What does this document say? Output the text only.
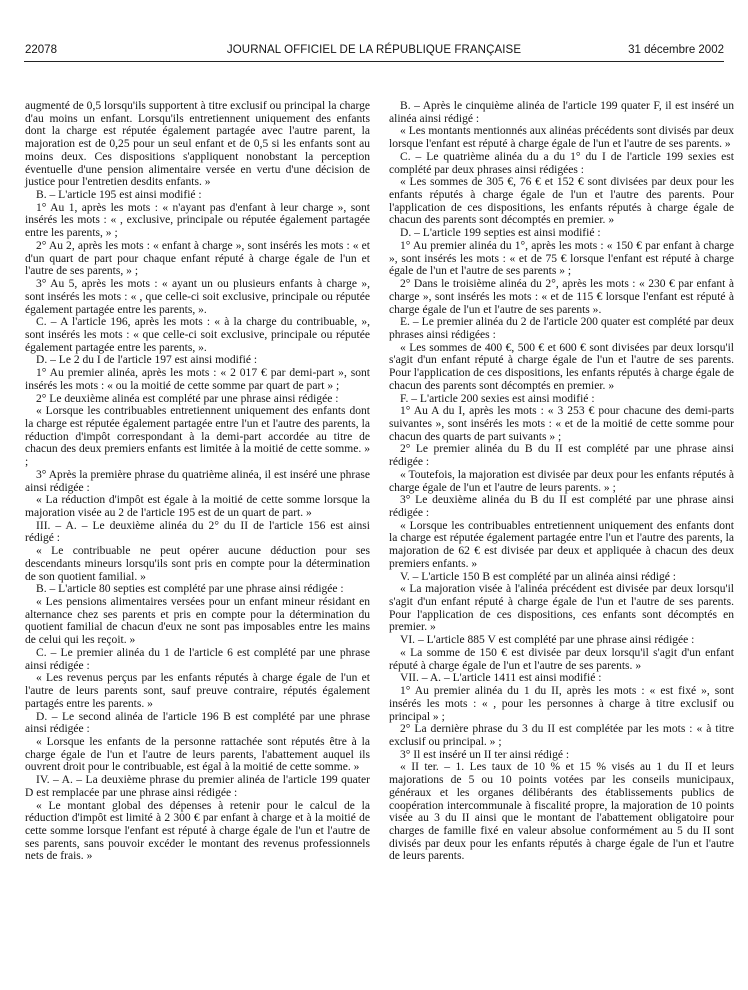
22078	JOURNAL OFFICIEL DE LA RÉPUBLIQUE FRANÇAISE	31 décembre 2002

augmenté de 0,5 lorsqu'ils supportent à titre exclusif ou principal la charge d'au moins un enfant. Lorsqu'ils entretiennent uniquement des enfants dont la charge est réputée également partagée avec l'autre parent, la majoration est de 0,25 pour un seul enfant et de 0,5 si les enfants sont au moins deux. Ces dispositions s'appliquent nonobstant la perception éventuelle d'une pension alimentaire versée en vertu d'une décision de justice pour l'entretien desdits enfants. »

B. – L'article 195 est ainsi modifié :

1° Au 1, après les mots : « n'ayant pas d'enfant à leur charge », sont insérés les mots : « , exclusive, principale ou réputée également partagée entre les parents, » ;

2° Au 2, après les mots : « enfant à charge », sont insérés les mots : « et d'un quart de part pour chaque enfant réputé à charge égale de l'un et l'autre de ses parents, » ;

3° Au 5, après les mots : « ayant un ou plusieurs enfants à charge », sont insérés les mots : « , que celle-ci soit exclusive, principale ou réputée également partagée entre les parents, ».

C. – A l'article 196, après les mots : « à la charge du contribuable, », sont insérés les mots : « que celle-ci soit exclusive, principale ou réputée également partagée entre les parents, ».

D. – Le 2 du I de l'article 197 est ainsi modifié :

1° Au premier alinéa, après les mots : « 2 017 € par demi-part », sont insérés les mots : « ou la moitié de cette somme par quart de part » ;

2° Le deuxième alinéa est complété par une phrase ainsi rédigée :

« Lorsque les contribuables entretiennent uniquement des enfants dont la charge est réputée également partagée entre l'un et l'autre des parents, la réduction d'impôt correspondant à la demi-part accordée au titre de chacun des deux premiers enfants est limitée à la moitié de cette somme. » ;

3° Après la première phrase du quatrième alinéa, il est inséré une phrase ainsi rédigée :

« La réduction d'impôt est égale à la moitié de cette somme lorsque la majoration visée au 2 de l'article 195 est de un quart de part. »

III. – A. – Le deuxième alinéa du 2° du II de l'article 156 est ainsi rédigé :

« Le contribuable ne peut opérer aucune déduction pour ses descendants mineurs lorsqu'ils sont pris en compte pour la détermination de son quotient familial. »

B. – L'article 80 septies est complété par une phrase ainsi rédigée :

« Les pensions alimentaires versées pour un enfant mineur résidant en alternance chez ses parents et pris en compte pour la détermination du quotient familial de chacun d'eux ne sont pas imposables entre les mains de celui qui les reçoit. »

C. – Le premier alinéa du 1 de l'article 6 est complété par une phrase ainsi rédigée :

« Les revenus perçus par les enfants réputés à charge égale de l'un et l'autre de leurs parents sont, sauf preuve contraire, réputés également partagés entre les parents. »

D. – Le second alinéa de l'article 196 B est complété par une phrase ainsi rédigée :

« Lorsque les enfants de la personne rattachée sont réputés être à la charge égale de l'un et l'autre de leurs parents, l'abattement auquel ils ouvrent droit pour le contribuable, est égal à la moitié de cette somme. »

IV. – A. – La deuxième phrase du premier alinéa de l'article 199 quater D est remplacée par une phrase ainsi rédigée :

« Le montant global des dépenses à retenir pour le calcul de la réduction d'impôt est limité à 2 300 € par enfant à charge et à la moitié de cette somme lorsque l'enfant est réputé à charge égale de l'un et l'autre de ses parents, sans pouvoir excéder le montant des revenus professionnels nets de frais. »

B. – Après le cinquième alinéa de l'article 199 quater F, il est inséré un alinéa ainsi rédigé :

« Les montants mentionnés aux alinéas précédents sont divisés par deux lorsque l'enfant est réputé à charge égale de l'un et l'autre de ses parents. »

C. – Le quatrième alinéa du a du 1° du I de l'article 199 sexies est complété par deux phrases ainsi rédigées :

« Les sommes de 305 €, 76 € et 152 € sont divisées par deux pour les enfants réputés à charge égale de l'un et l'autre des parents. Pour l'application de ces dispositions, les enfants réputés à charge égale de chacun des parents sont décomptés en premier. »

D. – L'article 199 septies est ainsi modifié :

1° Au premier alinéa du 1°, après les mots : « 150 € par enfant à charge », sont insérés les mots : « et de 75 € lorsque l'enfant est réputé à charge égale de l'un et l'autre de ses parents » ;

2° Dans le troisième alinéa du 2°, après les mots : « 230 € par enfant à charge », sont insérés les mots : « et de 115 € lorsque l'enfant est réputé à charge égale de l'un et l'autre de ses parents ».

E. – Le premier alinéa du 2 de l'article 200 quater est complété par deux phrases ainsi rédigées :

« Les sommes de 400 €, 500 € et 600 € sont divisées par deux lorsqu'il s'agit d'un enfant réputé à charge égale de l'un et l'autre de ses parents. Pour l'application de ces dispositions, les enfants réputés à charge égale de chacun des parents sont décomptés en premier. »

F. – L'article 200 sexies est ainsi modifié :

1° Au A du I, après les mots : « 3 253 € pour chacune des demi-parts suivantes », sont insérés les mots : « et de la moitié de cette somme pour chacun des quarts de part suivants » ;

2° Le premier alinéa du B du II est complété par une phrase ainsi rédigée :

« Toutefois, la majoration est divisée par deux pour les enfants réputés à charge égale de l'un et l'autre de leurs parents. » ;

3° Le deuxième alinéa du B du II est complété par une phrase ainsi rédigée :

« Lorsque les contribuables entretiennent uniquement des enfants dont la charge est réputée également partagée entre l'un et l'autre des parents, la majoration de 62 € est divisée par deux et appliquée à chacun des deux premiers enfants. »

V. – L'article 150 B est complété par un alinéa ainsi rédigé :

« La majoration visée à l'alinéa précédent est divisée par deux lorsqu'il s'agit d'un enfant réputé à charge égale de l'un et l'autre de ses parents. Pour l'application de ces dispositions, ces enfants sont décomptés en premier. »

VI. – L'article 885 V est complété par une phrase ainsi rédigée :

« La somme de 150 € est divisée par deux lorsqu'il s'agit d'un enfant réputé à charge égale de l'un et l'autre de ses parents. »

VII. – A. – L'article 1411 est ainsi modifié :

1° Au premier alinéa du 1 du II, après les mots : « est fixé », sont insérés les mots : « , pour les personnes à charge à titre exclusif ou principal » ;

2° La dernière phrase du 3 du II est complétée par les mots : « à titre exclusif ou principal. » ;

3° Il est inséré un II ter ainsi rédigé :

« II ter. – 1. Les taux de 10 % et 15 % visés au 1 du II et leurs majorations de 5 ou 10 points votées par les conseils municipaux, généraux et les organes délibérants des établissements publics de coopération intercommunale à fiscalité propre, la majoration de 10 points visée au 3 du II ainsi que le montant de l'abattement obligatoire pour charges de famille fixé en valeur absolue conformément au 5 du II sont divisés par deux pour les enfants réputés à charge égale de l'un et l'autre de leurs parents.
